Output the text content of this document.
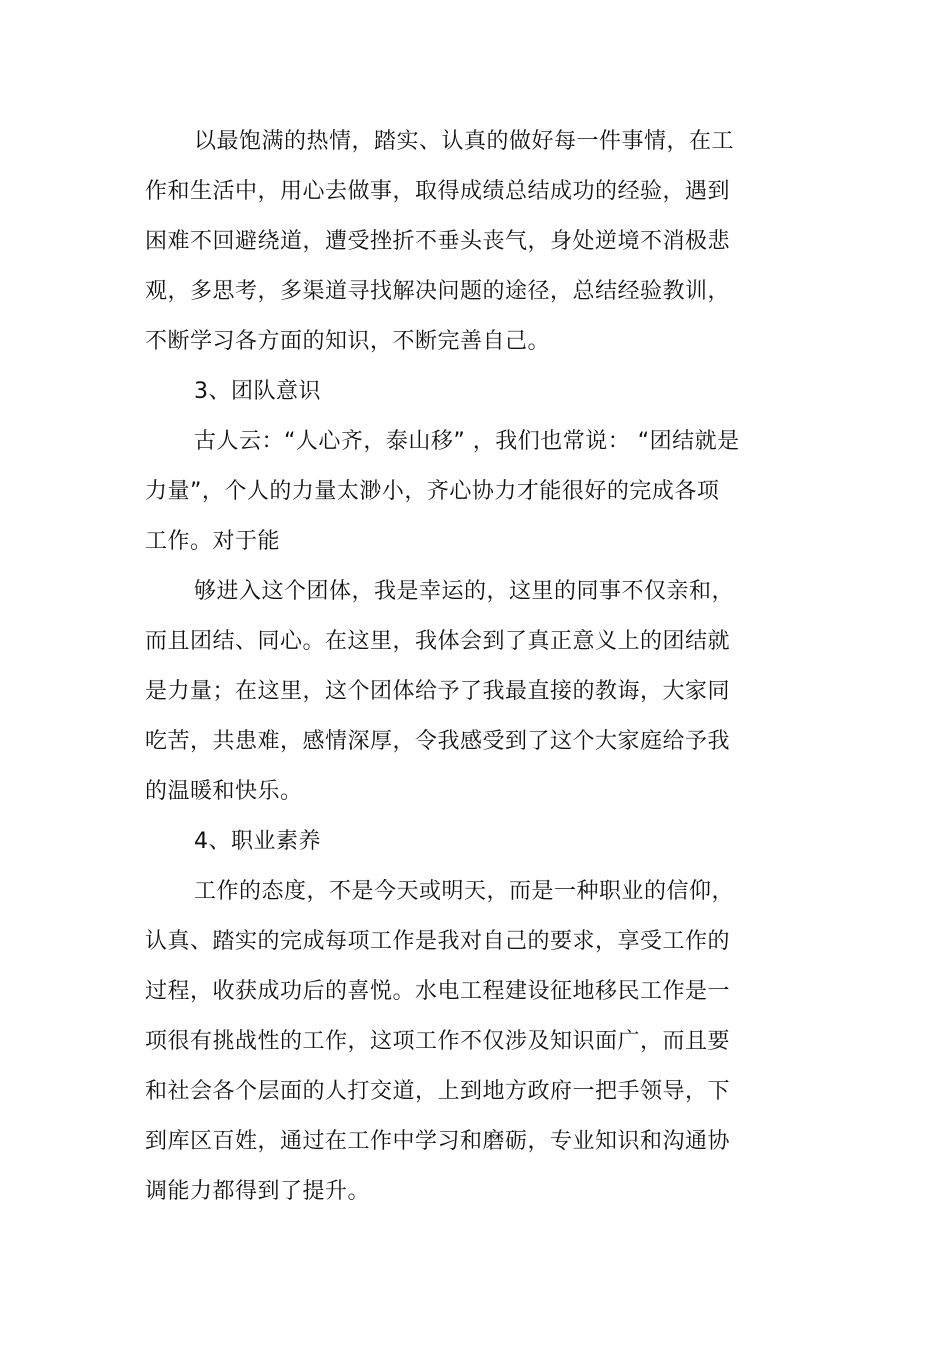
以最饱满的热情，踏实、认真的做好每一件事情，在工
作和生活中，用心去做事，取得成绩总结成功的经验，遇到
困难不回避绕道，遭受挫折不垂头丧气，身处逆境不消极悲
观，多思考，多渠道寻找解决问题的途径，总结经验教训，
不断学习各方面的知识，不断完善自己。
3、团队意识
古人云：“人心齐，泰山移” ，我们也常说： “团结就是
力量”，个人的力量太渺小，齐心协力才能很好的完成各项
工作。对于能
够进入这个团体，我是幸运的，这里的同事不仅亲和，
而且团结、同心。在这里，我体会到了真正意义上的团结就
是力量；在这里，这个团体给予了我最直接的教诲，大家同
吃苦，共患难，感情深厚，令我感受到了这个大家庭给予我
的温暖和快乐。
4、职业素养
工作的态度，不是今天或明天，而是一种职业的信仰，
认真、踏实的完成每项工作是我对自己的要求，享受工作的
过程，收获成功后的喜悦。水电工程建设征地移民工作是一
项很有挑战性的工作，这项工作不仅涉及知识面广，而且要
和社会各个层面的人打交道，上到地方政府一把手领导，下
到库区百姓，通过在工作中学习和磨砺，专业知识和沟通协
调能力都得到了提升。
